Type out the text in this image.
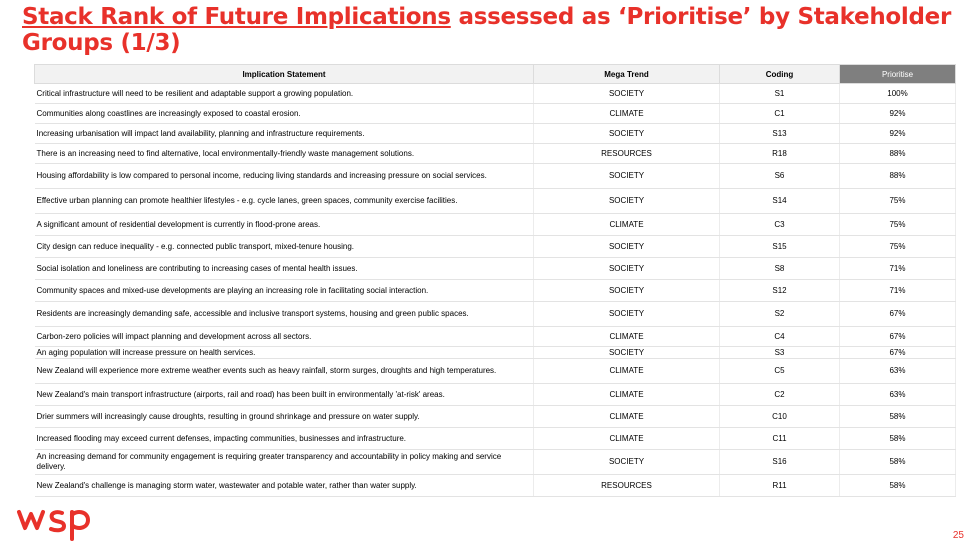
Stack Rank of Future Implications assessed as ‘Prioritise’ by Stakeholder Groups (1/3)
Implication Statement	Mega Trend	Coding	Prioritise
Critical infrastructure will need to be resilient and adaptable support a growing population.	SOCIETY	S1	100%
Communities along coastlines are increasingly exposed to coastal erosion.	CLIMATE	C1	92%
Increasing urbanisation will impact land availability, planning and infrastructure requirements.	SOCIETY	S13	92%
There is an increasing need to find alternative, local environmentally-friendly waste management solutions.	RESOURCES	R18	88%
Housing affordability is low compared to personal income, reducing living standards and increasing pressure on social services.	SOCIETY	S6	88%
Effective urban planning can promote healthier lifestyles - e.g. cycle lanes, green spaces, community exercise facilities.	SOCIETY	S14	75%
A significant amount of residential development is currently in flood-prone areas.	CLIMATE	C3	75%
City design can reduce inequality - e.g. connected public transport, mixed-tenure housing.	SOCIETY	S15	75%
Social isolation and loneliness are contributing to increasing cases of mental health issues.	SOCIETY	S8	71%
Community spaces and mixed-use developments are playing an increasing role in facilitating social interaction.	SOCIETY	S12	71%
Residents are increasingly demanding safe, accessible and inclusive transport systems, housing and green public spaces.	SOCIETY	S2	67%
Carbon-zero policies will impact planning and development across all sectors.	CLIMATE	C4	67%
An aging population will increase pressure on health services.	SOCIETY	S3	67%
New Zealand will experience more extreme weather events such as heavy rainfall, storm surges, droughts and high temperatures.	CLIMATE	C5	63%
New Zealand's main transport infrastructure (airports, rail and road) has been built in environmentally 'at-risk' areas.	CLIMATE	C2	63%
Drier summers will increasingly cause droughts, resulting in ground shrinkage and pressure on water supply.	CLIMATE	C10	58%
Increased flooding may exceed current defenses, impacting communities, businesses and infrastructure.	CLIMATE	C11	58%
An increasing demand for community engagement is requiring greater transparency and accountability in policy making and service delivery.	SOCIETY	S16	58%
New Zealand's challenge is managing storm water, wastewater and potable water, rather than water supply.	RESOURCES	R11	58%
25
